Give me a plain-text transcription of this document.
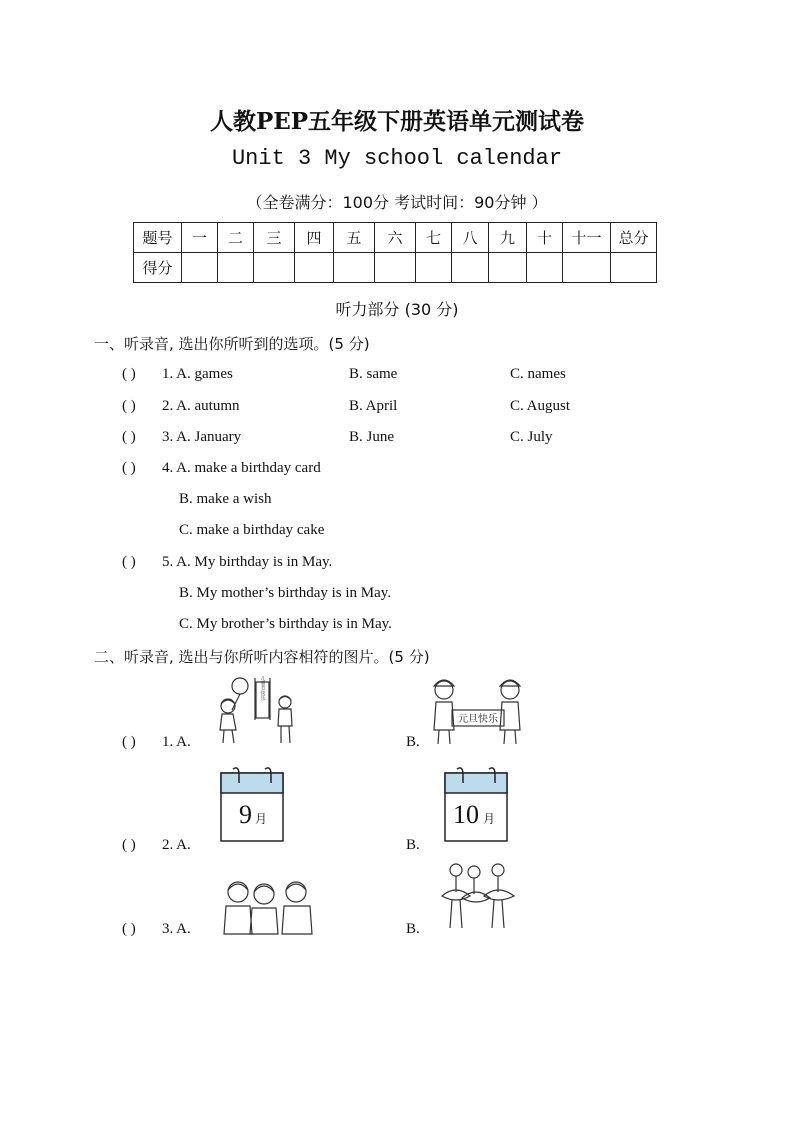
人教PEP五年级下册英语单元测试卷
Unit 3 My school calendar
（全卷满分：100分 考试时间：90分钟 ）
题号	一	二	三	四	五	六	七	八	九	十	十一	总分
得分												
听力部分 (30 分)
一、听录音, 选出你所听到的选项。(5 分)
( ) 1. A. games	B. same	C. names
( ) 2. A. autumn	B. April	C. August
( ) 3. A. January	B. June	C. July
( ) 4. A. make a birthday card
B. make a wish
C. make a birthday cake
( ) 5. A. My birthday is in May.
B. My mother’s birthday is in May.
C. My brother’s birthday is in May.
二、听录音, 选出与你所听内容相符的图片。(5 分)
( ) 1. A.
儿童节快乐
B.
元旦快乐
( ) 2. A.
9 月
B.
10 月
( ) 3. A.	B.
